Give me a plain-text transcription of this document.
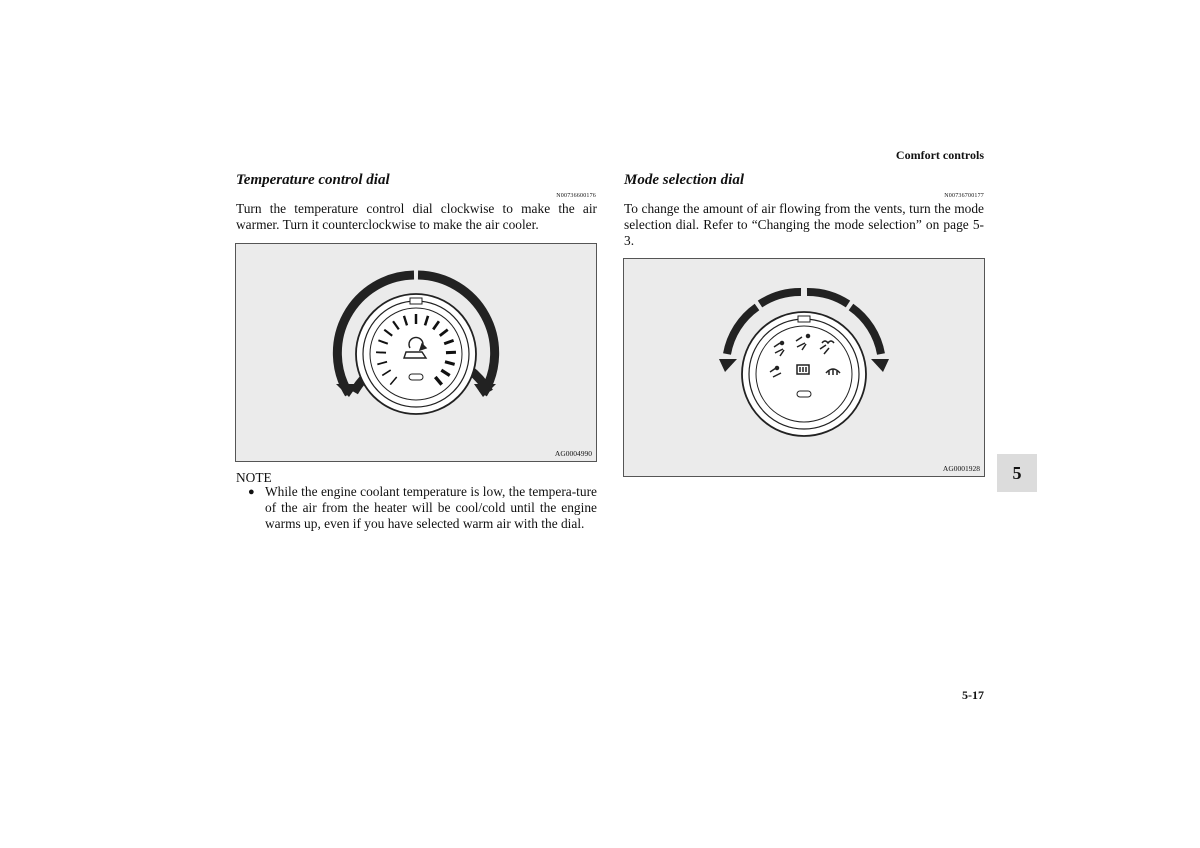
Comfort controls
Temperature control dial
N00736600176
Turn the temperature control dial clockwise to make the air warmer. Turn it counterclockwise to make the air cooler.
AG0004990
NOTE
● While the engine coolant temperature is low, the tempera-ture of the air from the heater will be cool/cold until the engine warms up, even if you have selected warm air with the dial.
Mode selection dial
N00736700177
To change the amount of air flowing from the vents, turn the mode selection dial. Refer to “Changing the mode selection” on page 5-3.
AG0001928	5
5-17
